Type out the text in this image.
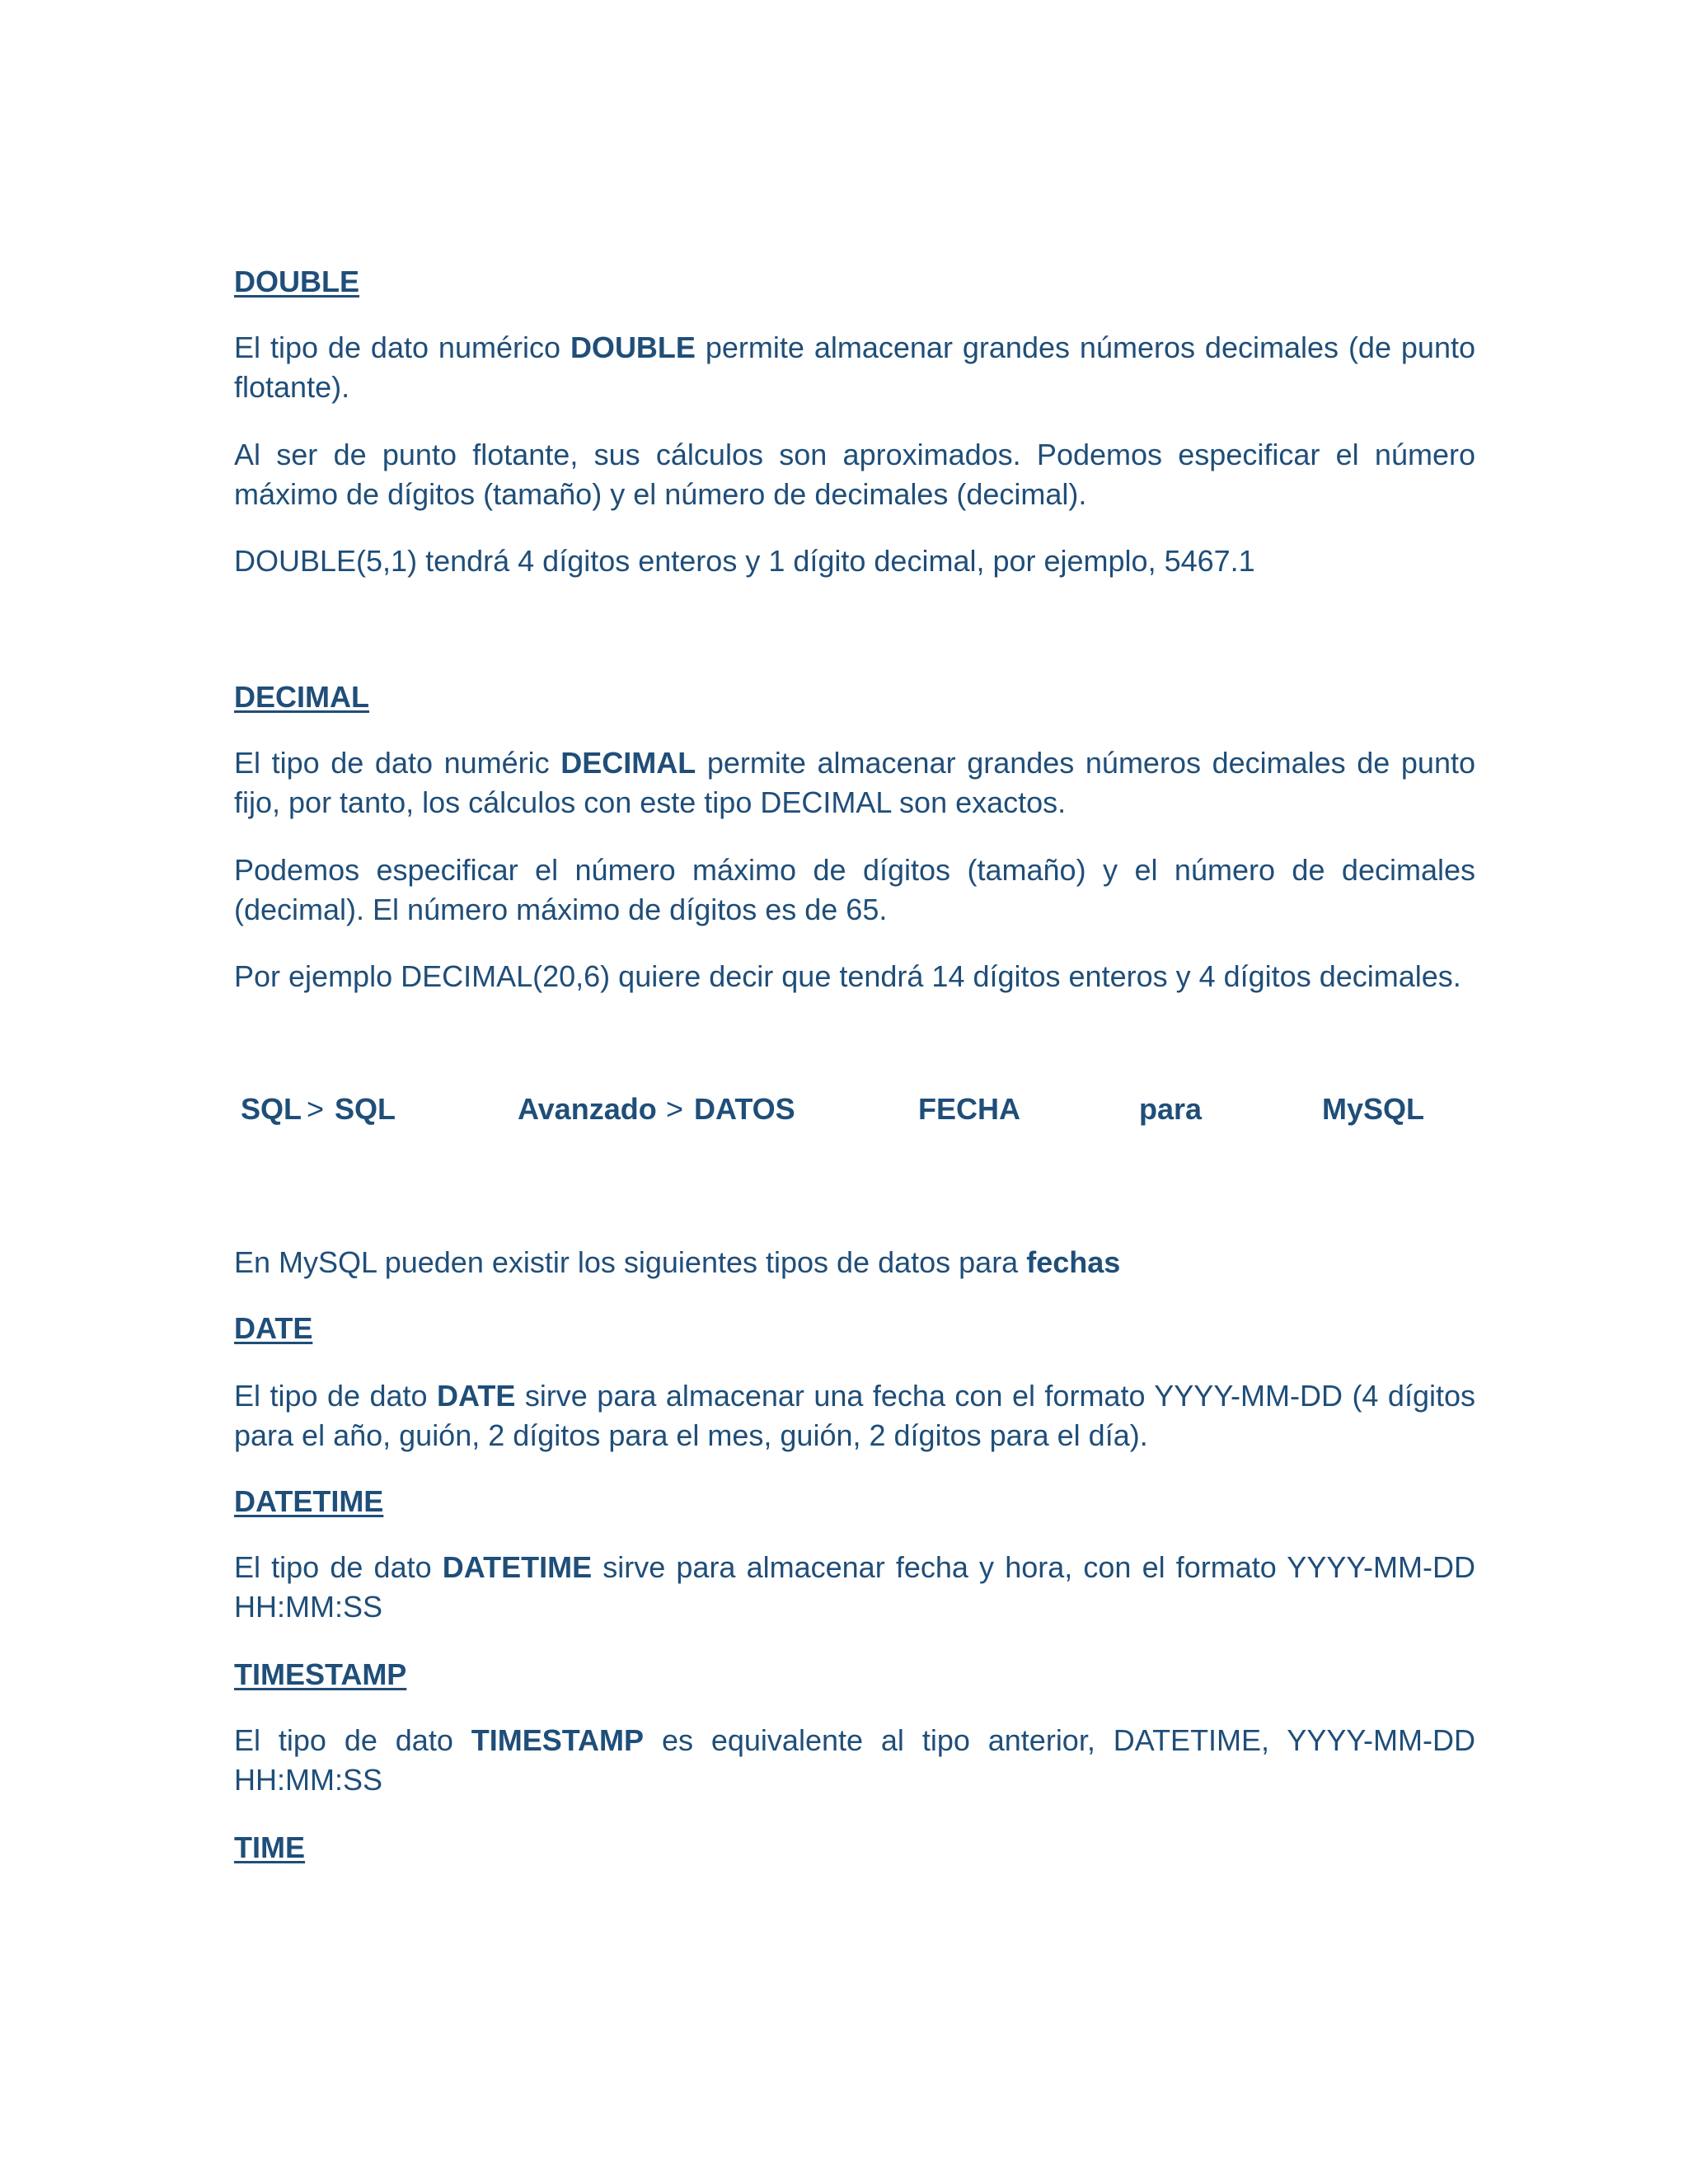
DOUBLE

El tipo de dato numérico DOUBLE permite almacenar grandes números decimales (de punto flotante).

Al ser de punto flotante, sus cálculos son aproximados. Podemos especificar el número máximo de dígitos (tamaño) y el número de decimales (decimal).

DOUBLE(5,1) tendrá 4 dígitos enteros y 1 dígito decimal, por ejemplo, 5467.1

DECIMAL

El tipo de dato numéric DECIMAL permite almacenar grandes números decimales de punto fijo, por tanto, los cálculos con este tipo DECIMAL son exactos.

Podemos especificar el número máximo de dígitos (tamaño) y el número de decimales (decimal). El número máximo de dígitos es de 65.

Por ejemplo DECIMAL(20,6) quiere decir que tendrá 14 dígitos enteros y 4 dígitos decimales.

SQL > SQL	Avanzado > DATOS	FECHA	para	MySQL

En MySQL pueden existir los siguientes tipos de datos para fechas

DATE

El tipo de dato DATE sirve para almacenar una fecha con el formato YYYY-MM-DD (4 dígitos para el año, guión, 2 dígitos para el mes, guión, 2 dígitos para el día).

DATETIME

El tipo de dato DATETIME sirve para almacenar fecha y hora, con el formato YYYY-MM-DD HH:MM:SS

TIMESTAMP

El tipo de dato TIMESTAMP es equivalente al tipo anterior, DATETIME, YYYY-MM-DD HH:MM:SS

TIME
